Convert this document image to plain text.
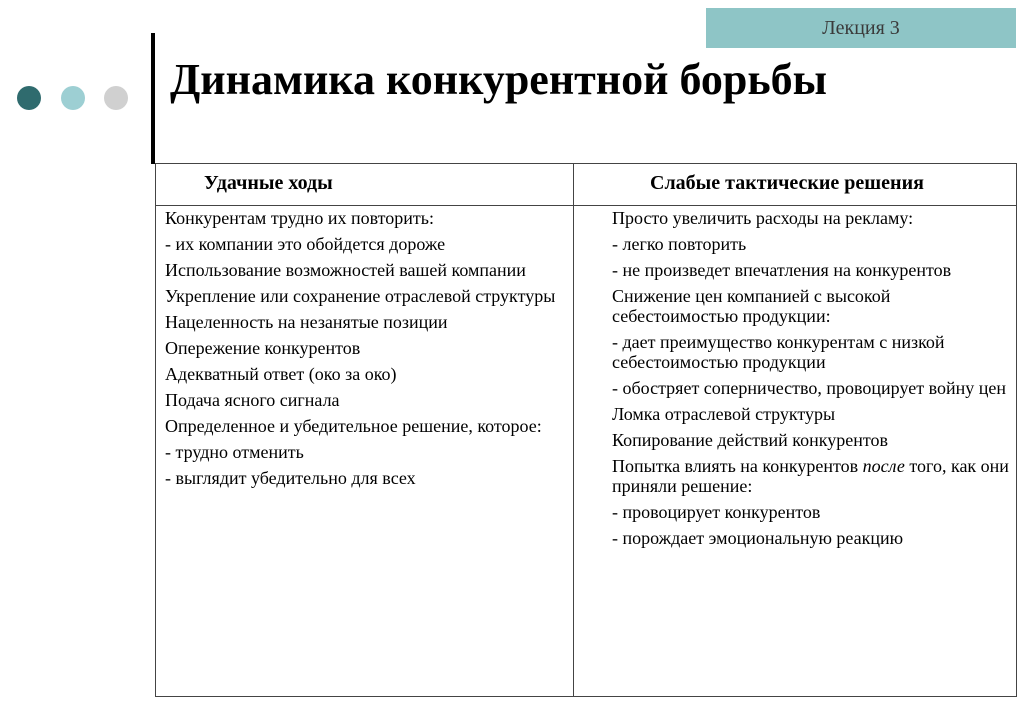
Лекция 3
Динамика конкурентной борьбы
Удачные ходы	Слабые тактические решения
Конкурентам трудно их повторить:
- их компании это обойдется дороже
Использование возможностей вашей компании
Укрепление или сохранение отраслевой структуры
Нацеленность на незанятые позиции
Опережение конкурентов
Адекватный ответ (око за око)
Подача ясного сигнала
Определенное и убедительное решение, которое:
- трудно отменить
- выглядит убедительно для всех
Просто увеличить расходы на рекламу:
- легко повторить
- не произведет впечатления на конкурентов
Снижение цен компанией с высокой себестоимостью продукции:
- дает преимущество конкурентам с низкой себестоимостью продукции
- обостряет соперничество, провоцирует войну цен
Ломка отраслевой структуры
Копирование действий конкурентов
Попытка влиять на конкурентов после того, как они приняли решение:
- провоцирует конкурентов
- порождает эмоциональную реакцию
